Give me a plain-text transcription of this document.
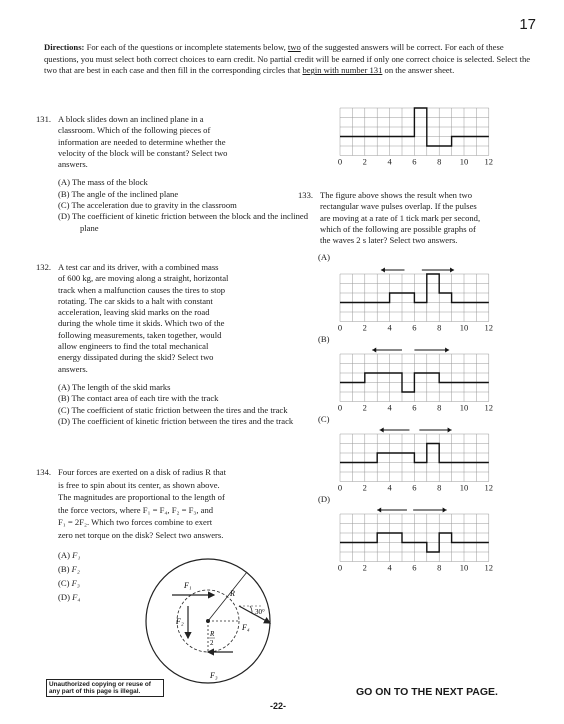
17
Directions: For each of the questions or incomplete statements below, two of the suggested answers will be correct. For each of these questions, you must select both correct choices to earn credit. No partial credit will be earned if only one correct choice is selected. Select the two that are best in each case and then fill in the corresponding circles that begin with number 131 on the answer sheet.
131. A block slides down an inclined plane in a
classroom. Which of the following pieces of
information are needed to determine whether the
velocity of the block will be constant? Select two
answers.
(A) The mass of the block
(B) The angle of the inclined plane
(C) The acceleration due to gravity in the classroom
(D) The coefficient of kinetic friction between the block and the inclined plane
132. A test car and its driver, with a combined mass
of 600 kg, are moving along a straight, horizontal
track when a malfunction causes the tires to stop
rotating. The car skids to a halt with constant
acceleration, leaving skid marks on the road
during the whole time it skids. Which two of the
following measurements, taken together, would
allow engineers to find the total mechanical
energy dissipated during the skid? Select two
answers.
(A) The length of the skid marks
(B) The contact area of each tire with the track
(C) The coefficient of static friction between the tires and the track
(D) The coefficient of kinetic friction between the tires and the track
134. Four forces are exerted on a disk of radius R that
is free to spin about its center, as shown above.
The magnitudes are proportional to the length of
the force vectors, where F₁ = F₄, F₂ = F₃, and
F₁ = 2F₂. Which two forces combine to exert
zero net torque on the disk? Select two answers.
(A) F₁
(B) F₂
(C) F₃
(D) F₄
F₁
F₂
F₃
F₄
R
R
2
30°
133. The figure above shows the result when two
rectangular wave pulses overlap. If the pulses
are moving at a rate of 1 tick mark per second,
which of the following are possible graphs of
the waves 2 s later? Select two answers.
(A)
(B)
(C)
(D)
0 2 4 6 8 10 12
0 2 4 6 8 10 12
0 2 4 6 8 10 12
0 2 4 6 8 10 12
0 2 4 6 8 10 12
Unauthorized copying or reuse of
any part of this page is illegal.	GO ON TO THE NEXT PAGE.
-22-
